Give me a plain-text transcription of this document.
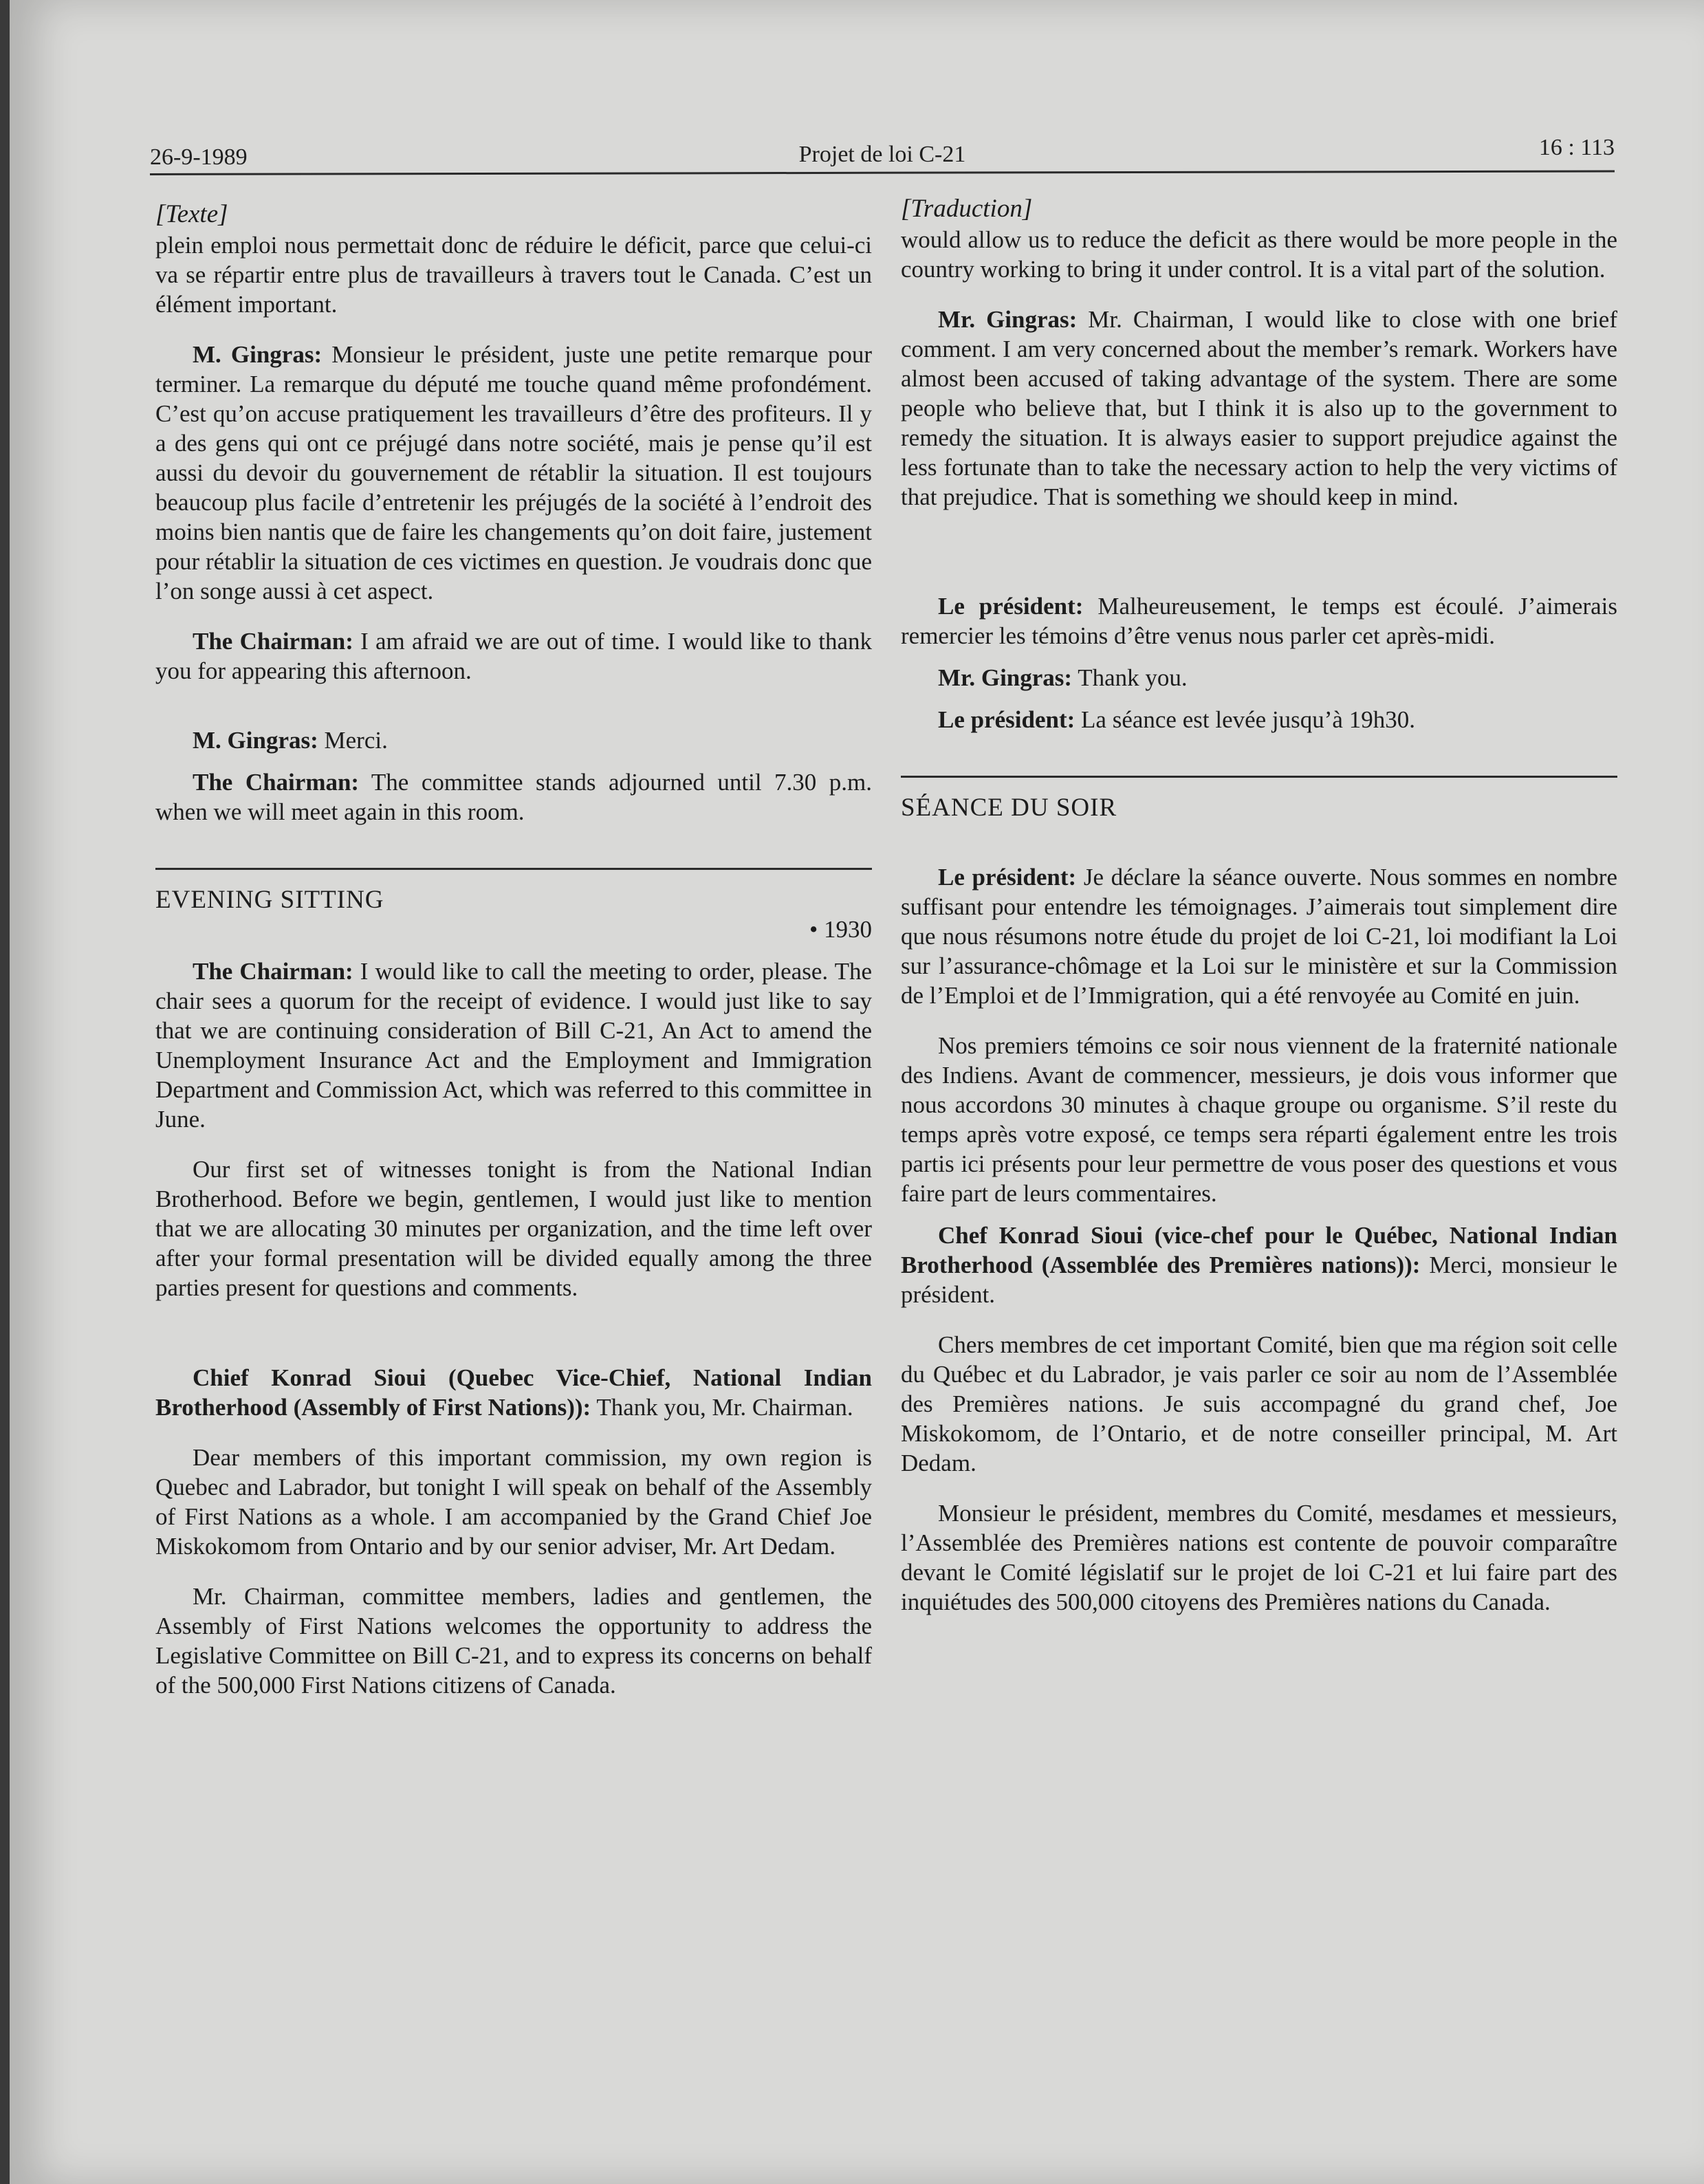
26-9-1989	Projet de loi C-21	16 : 113
[Texte]

plein emploi nous permettait donc de réduire le déficit, parce que celui-ci va se répartir entre plus de travailleurs à travers tout le Canada. C’est un élément important.

M. Gingras: Monsieur le président, juste une petite remarque pour terminer. La remarque du député me touche quand même profondément. C’est qu’on accuse pratiquement les travailleurs d’être des profiteurs. Il y a des gens qui ont ce préjugé dans notre société, mais je pense qu’il est aussi du devoir du gouvernement de rétablir la situation. Il est toujours beaucoup plus facile d’entretenir les préjugés de la société à l’endroit des moins bien nantis que de faire les changements qu’on doit faire, justement pour rétablir la situation de ces victimes en question. Je voudrais donc que l’on songe aussi à cet aspect.

The Chairman: I am afraid we are out of time. I would like to thank you for appearing this afternoon.

M. Gingras: Merci.

The Chairman: The committee stands adjourned until 7.30 p.m. when we will meet again in this room.

EVENING SITTING

• 1930

The Chairman: I would like to call the meeting to order, please. The chair sees a quorum for the receipt of evidence. I would just like to say that we are continuing consideration of Bill C-21, An Act to amend the Unemployment Insurance Act and the Employment and Immigration Department and Commission Act, which was referred to this committee in June.

Our first set of witnesses tonight is from the National Indian Brotherhood. Before we begin, gentlemen, I would just like to mention that we are allocating 30 minutes per organization, and the time left over after your formal presentation will be divided equally among the three parties present for questions and comments.

Chief Konrad Sioui (Quebec Vice-Chief, National Indian Brotherhood (Assembly of First Nations)): Thank you, Mr. Chairman.

Dear members of this important commission, my own region is Quebec and Labrador, but tonight I will speak on behalf of the Assembly of First Nations as a whole. I am accompanied by the Grand Chief Joe Miskokomom from Ontario and by our senior adviser, Mr. Art Dedam.

Mr. Chairman, committee members, ladies and gentlemen, the Assembly of First Nations welcomes the opportunity to address the Legislative Committee on Bill C-21, and to express its concerns on behalf of the 500,000 First Nations citizens of Canada.

[Traduction]

would allow us to reduce the deficit as there would be more people in the country working to bring it under control. It is a vital part of the solution.

Mr. Gingras: Mr. Chairman, I would like to close with one brief comment. I am very concerned about the member’s remark. Workers have almost been accused of taking advantage of the system. There are some people who believe that, but I think it is also up to the government to remedy the situation. It is always easier to support prejudice against the less fortunate than to take the necessary action to help the very victims of that prejudice. That is something we should keep in mind.

Le président: Malheureusement, le temps est écoulé. J’aimerais remercier les témoins d’être venus nous parler cet après-midi.

Mr. Gingras: Thank you.

Le président: La séance est levée jusqu’à 19h30.

SÉANCE DU SOIR

Le président: Je déclare la séance ouverte. Nous sommes en nombre suffisant pour entendre les témoignages. J’aimerais tout simplement dire que nous résumons notre étude du projet de loi C-21, loi modifiant la Loi sur l’assurance-chômage et la Loi sur le ministère et sur la Commission de l’Emploi et de l’Immigration, qui a été renvoyée au Comité en juin.

Nos premiers témoins ce soir nous viennent de la fraternité nationale des Indiens. Avant de commencer, messieurs, je dois vous informer que nous accordons 30 minutes à chaque groupe ou organisme. S’il reste du temps après votre exposé, ce temps sera réparti également entre les trois partis ici présents pour leur permettre de vous poser des questions et vous faire part de leurs commentaires.

Chef Konrad Sioui (vice-chef pour le Québec, National Indian Brotherhood (Assemblée des Premières nations)): Merci, monsieur le président.

Chers membres de cet important Comité, bien que ma région soit celle du Québec et du Labrador, je vais parler ce soir au nom de l’Assemblée des Premières nations. Je suis accompagné du grand chef, Joe Miskokomom, de l’Ontario, et de notre conseiller principal, M. Art Dedam.

Monsieur le président, membres du Comité, mesdames et messieurs, l’Assemblée des Premières nations est contente de pouvoir comparaître devant le Comité législatif sur le projet de loi C-21 et lui faire part des inquiétudes des 500,000 citoyens des Premières nations du Canada.
